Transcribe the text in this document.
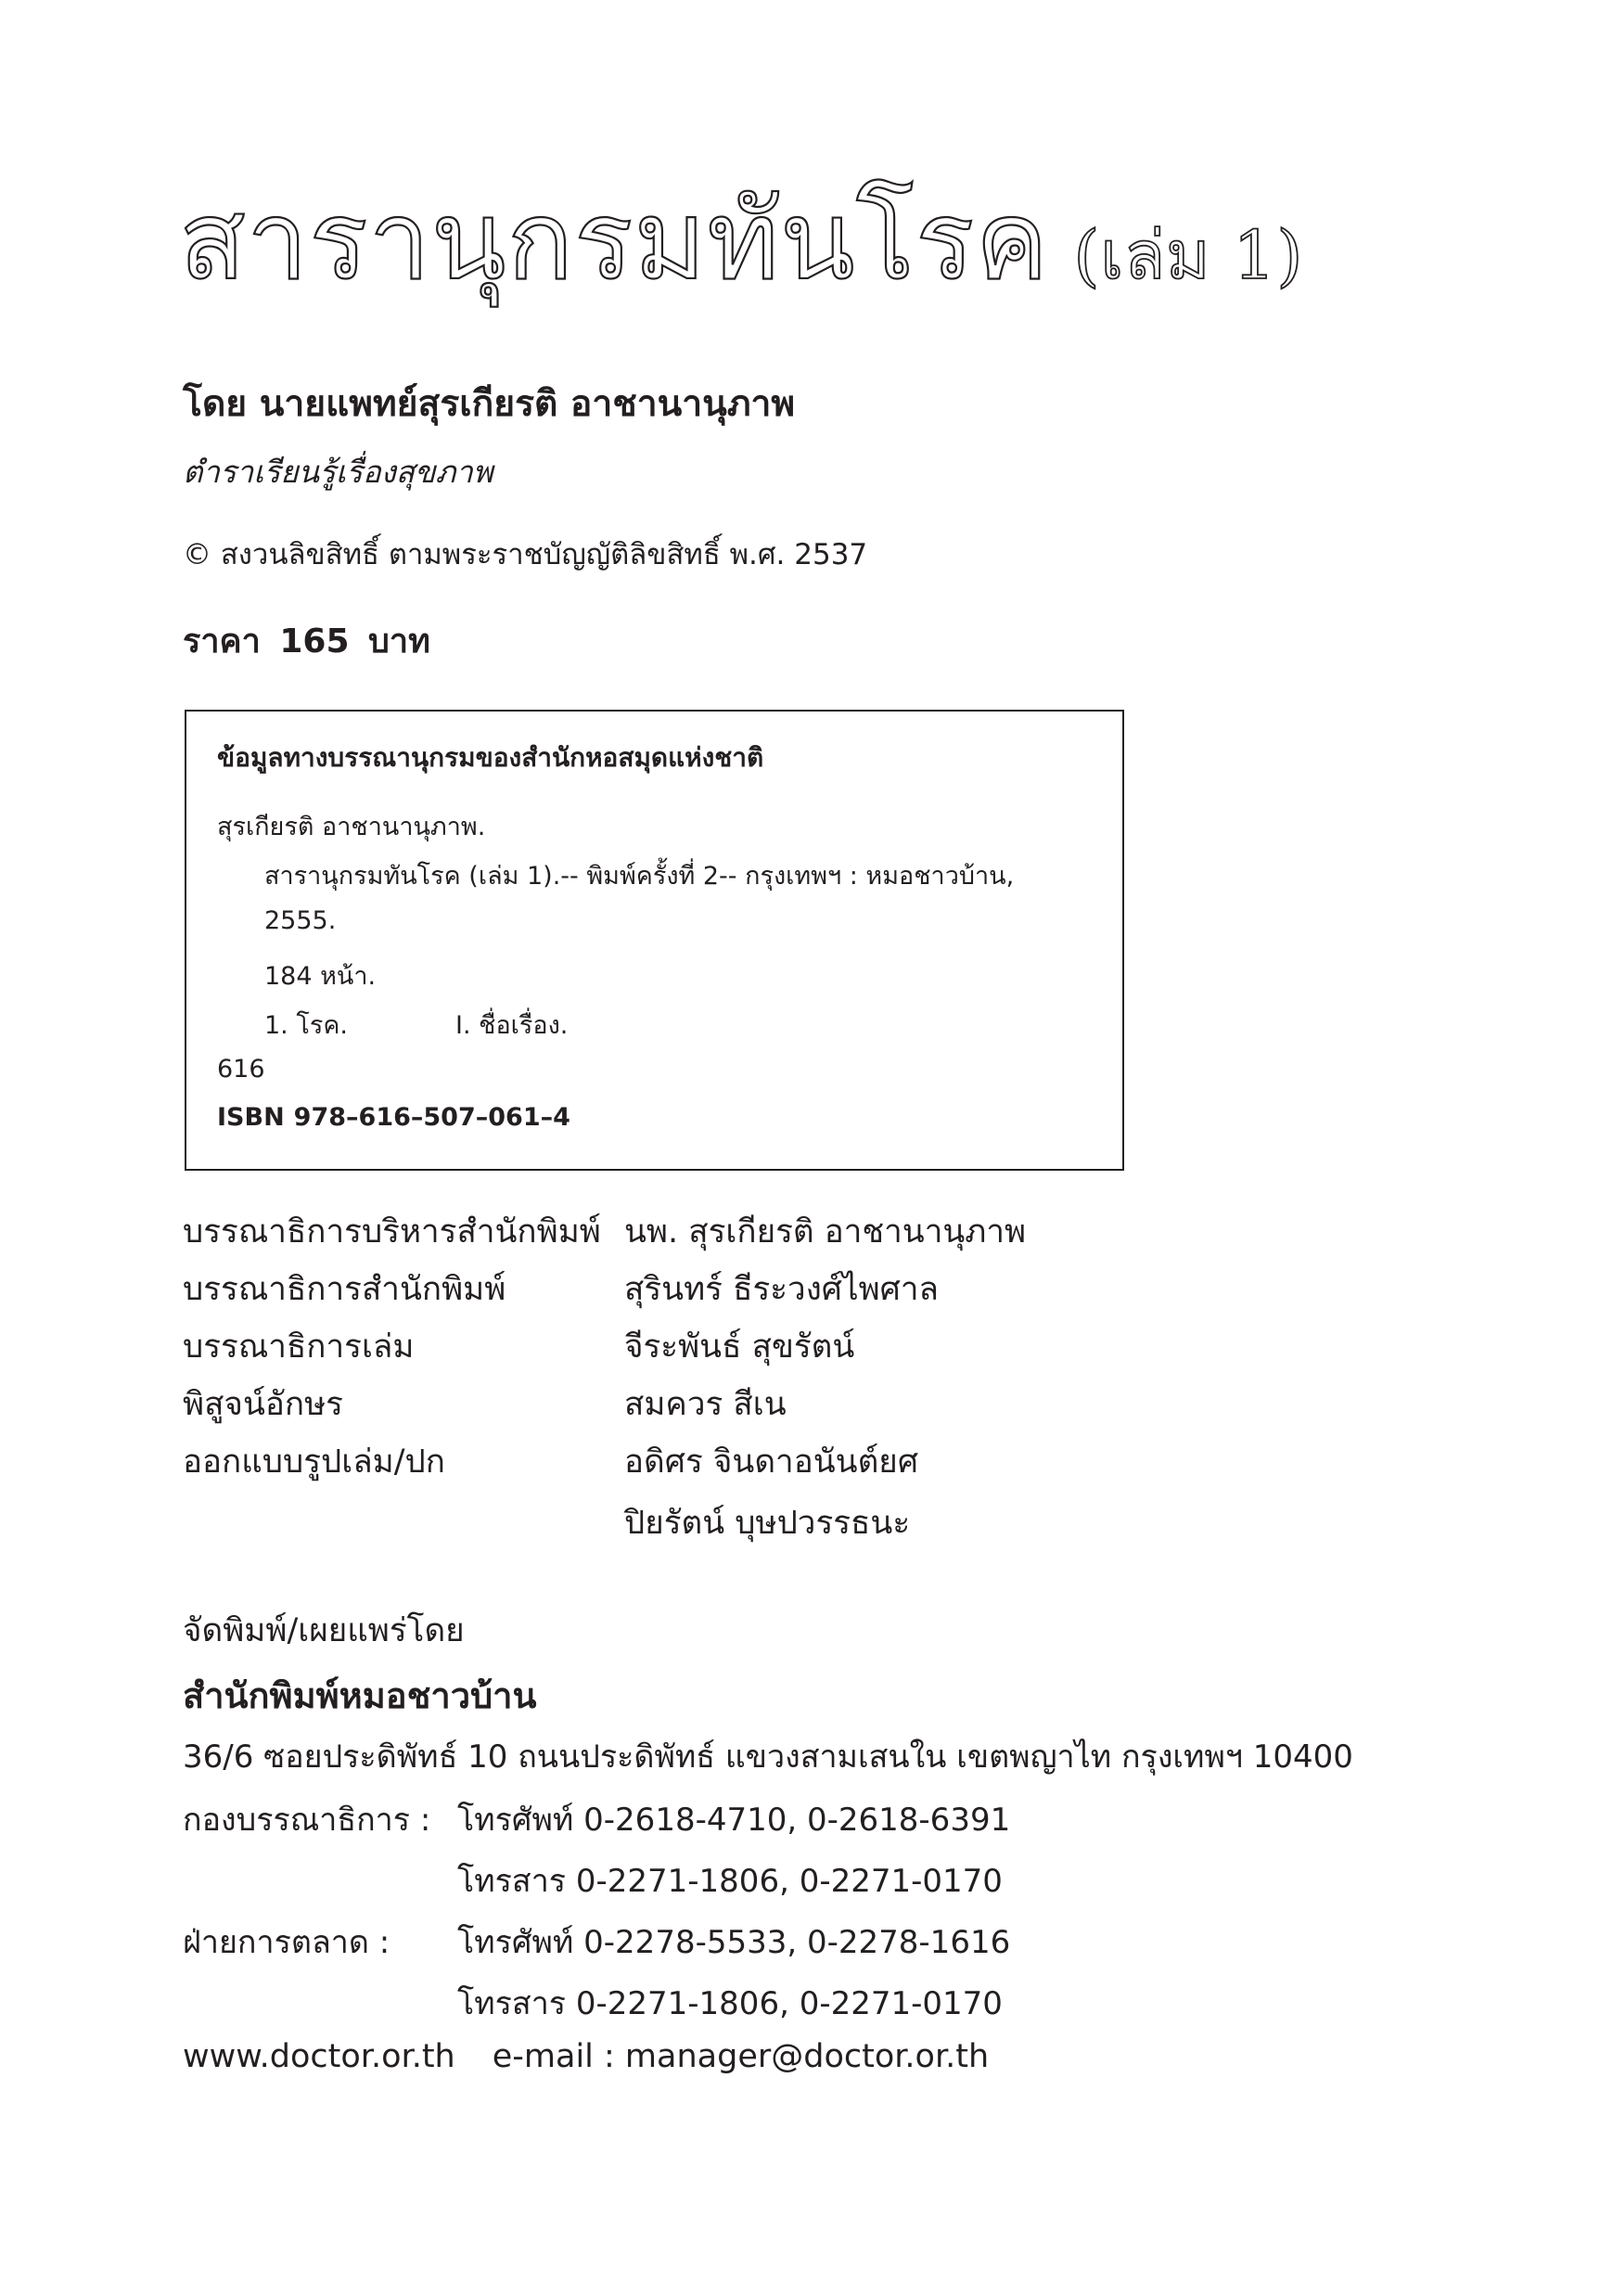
สารานุกรมทันโรค (เล่ม 1)
โดย นายแพทย์สุรเกียรติ อาชานานุภาพ
ตำราเรียนรู้เรื่องสุขภาพ
© สงวนลิขสิทธิ์ ตามพระราชบัญญัติลิขสิทธิ์ พ.ศ. 2537
ราคา 165 บาท
ข้อมูลทางบรรณานุกรมของสำนักหอสมุดแห่งชาติ
สุรเกียรติ อาชานานุภาพ.
สารานุกรมทันโรค (เล่ม 1).-- พิมพ์ครั้งที่ 2-- กรุงเทพฯ : หมอชาวบ้าน,
2555.
184 หน้า.
1. โรค.	I. ชื่อเรื่อง.
616
ISBN 978–616–507–061–4
บรรณาธิการบริหารสำนักพิมพ์ นพ. สุรเกียรติ อาชานานุภาพ
บรรณาธิการสำนักพิมพ์	สุรินทร์ ธีระวงศ์ไพศาล
บรรณาธิการเล่ม	จีระพันธ์ สุขรัตน์
พิสูจน์อักษร	สมควร สีเน
ออกแบบรูปเล่ม/ปก	อดิศร จินดาอนันต์ยศ
ปิยรัตน์ บุษปวรรธนะ
จัดพิมพ์/เผยแพร่โดย
สำนักพิมพ์หมอชาวบ้าน
36/6 ซอยประดิพัทธ์ 10 ถนนประดิพัทธ์ แขวงสามเสนใน เขตพญาไท กรุงเทพฯ 10400
กองบรรณาธิการ : โทรศัพท์ 0-2618-4710, 0-2618-6391
โทรสาร 0-2271-1806, 0-2271-0170
ฝ่ายการตลาด : โทรศัพท์ 0-2278-5533, 0-2278-1616
โทรสาร 0-2271-1806, 0-2271-0170
www.doctor.or.th e-mail : manager@doctor.or.th
